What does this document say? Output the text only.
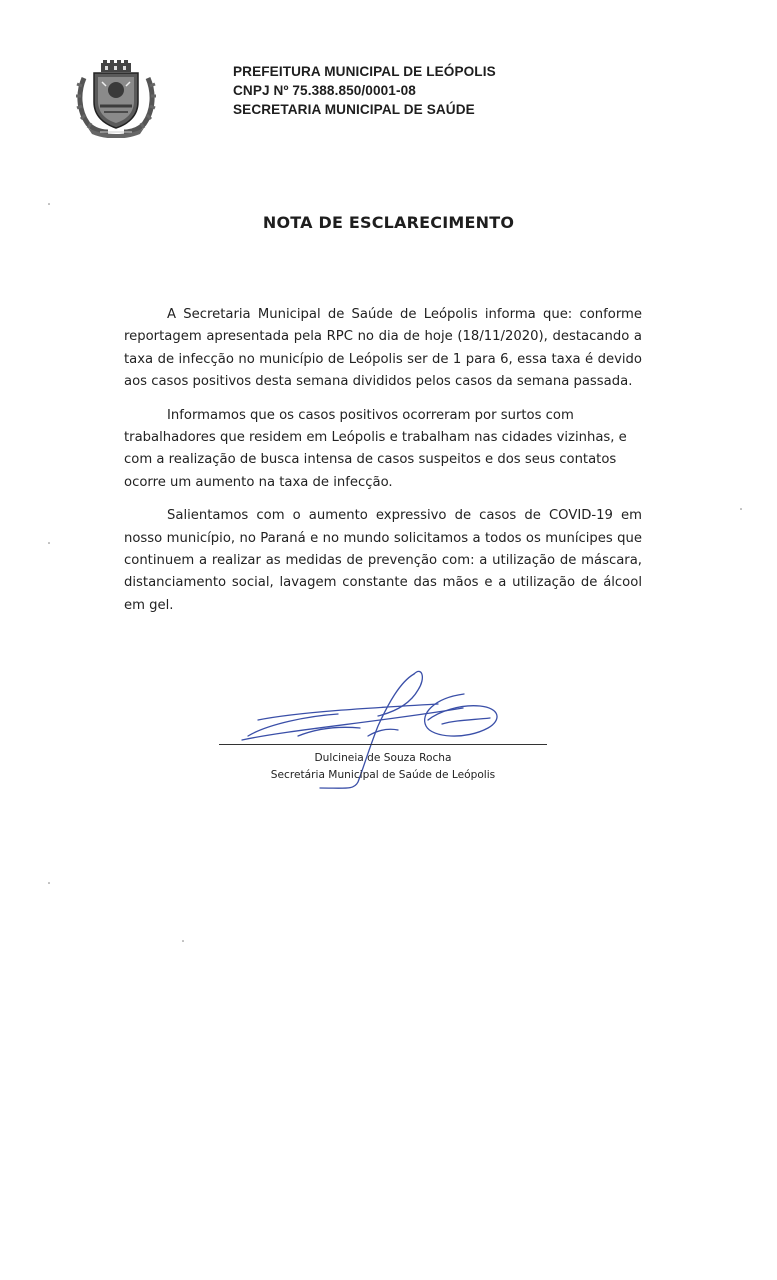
PREFEITURA MUNICIPAL DE LEÓPOLIS
CNPJ Nº 75.388.850/0001-08
SECRETARIA MUNICIPAL DE SAÚDE
NOTA DE ESCLARECIMENTO

A Secretaria Municipal de Saúde de Leópolis informa que: conforme reportagem apresentada pela RPC no dia de hoje (18/11/2020), destacando a taxa de infecção no município de Leópolis ser de 1 para 6, essa taxa é devido aos casos positivos desta semana divididos pelos casos da semana passada.

Informamos que os casos positivos ocorreram por surtos com trabalhadores que residem em Leópolis e trabalham nas cidades vizinhas, e com a realização de busca intensa de casos suspeitos e dos seus contatos ocorre um aumento na taxa de infecção.

Salientamos com o aumento expressivo de casos de COVID-19 em nosso município, no Paraná e no mundo solicitamos a todos os munícipes que continuem a realizar as medidas de prevenção com: a utilização de máscara, distanciamento social, lavagem constante das mãos e a utilização de álcool em gel.

Dulcineia de Souza Rocha
Secretária Municipal de Saúde de Leópolis
